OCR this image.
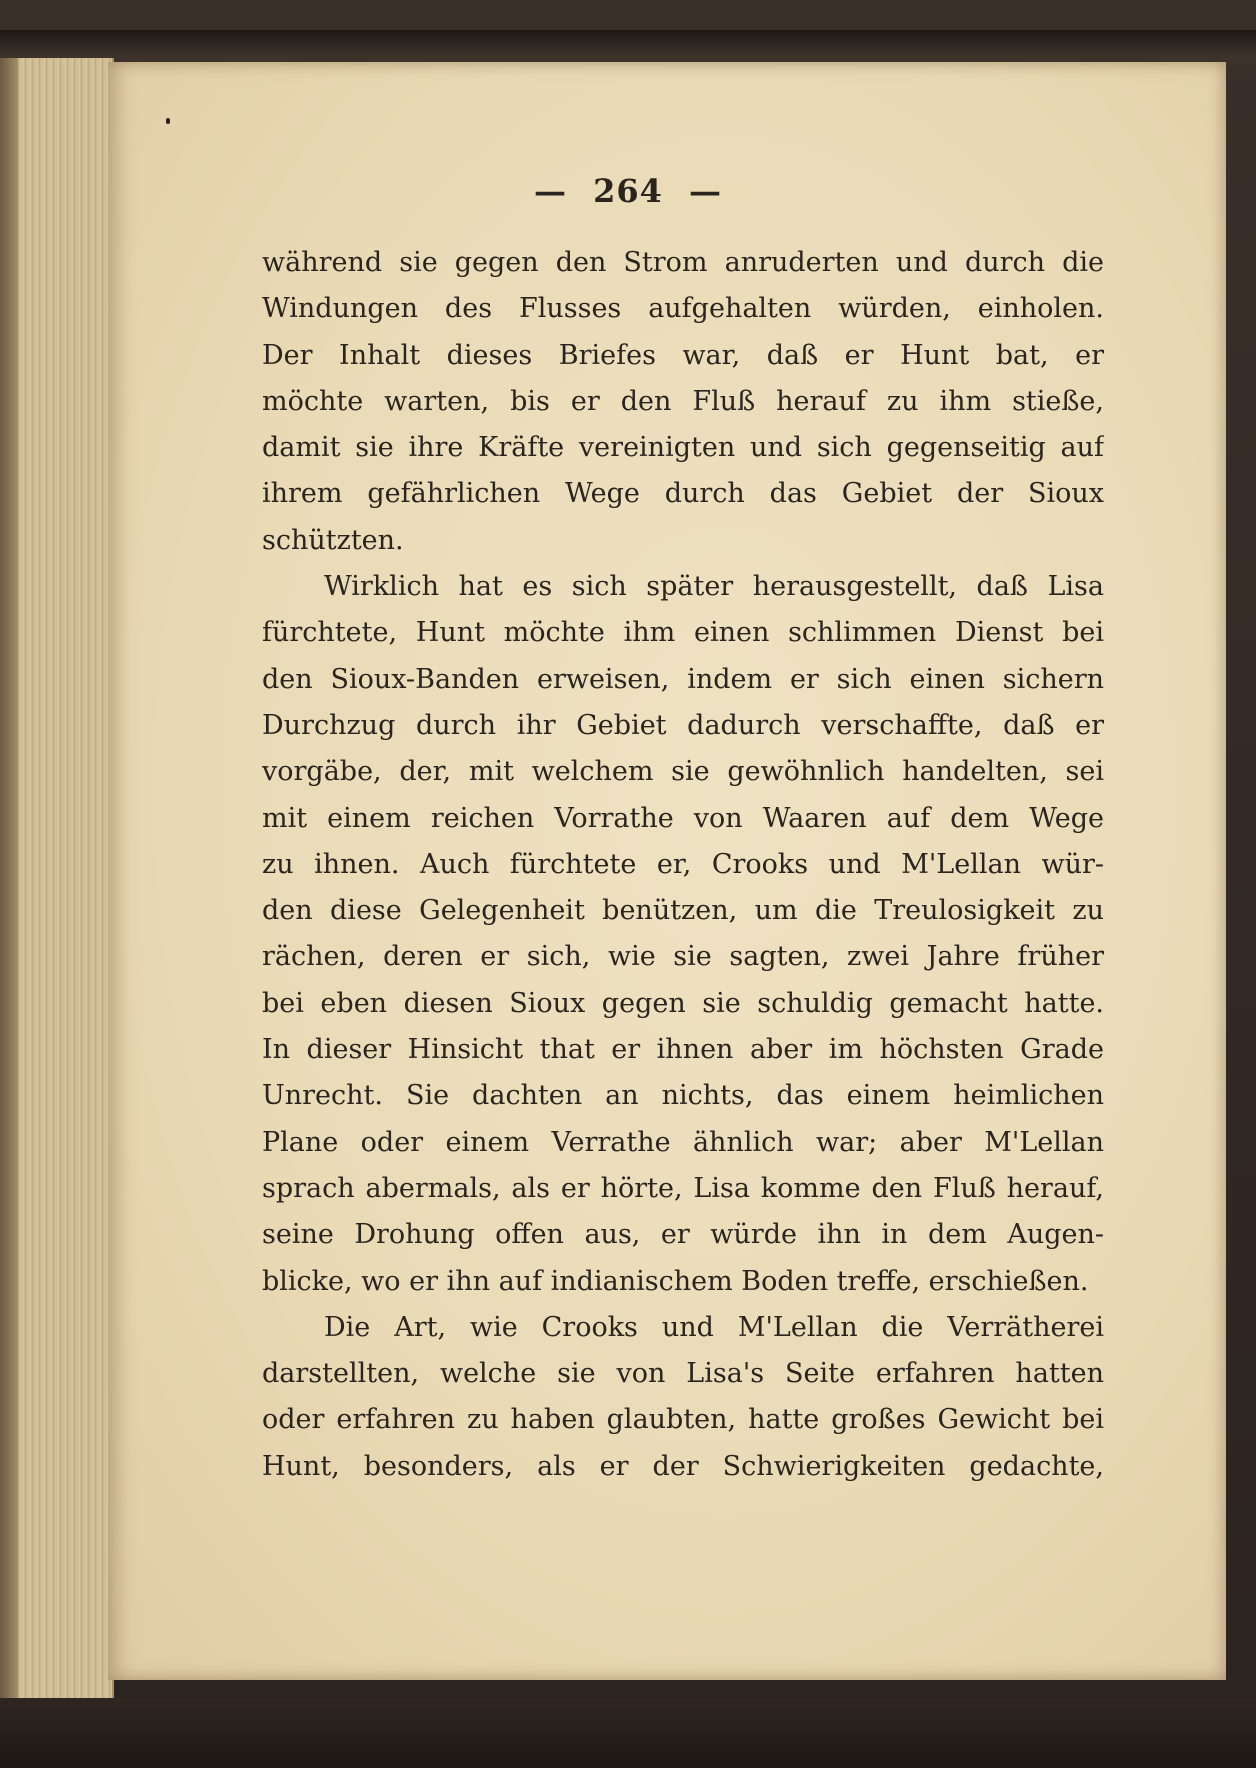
— 264 —
während sie gegen den Strom anruderten und durch die
Windungen des Flusses aufgehalten würden, einholen.
Der Inhalt dieses Briefes war, daß er Hunt bat, er
möchte warten, bis er den Fluß herauf zu ihm stieße,
damit sie ihre Kräfte vereinigten und sich gegenseitig auf
ihrem gefährlichen Wege durch das Gebiet der Sioux
schützten.
Wirklich hat es sich später herausgestellt, daß Lisa
fürchtete, Hunt möchte ihm einen schlimmen Dienst bei
den Sioux-Banden erweisen, indem er sich einen sichern
Durchzug durch ihr Gebiet dadurch verschaffte, daß er
vorgäbe, der, mit welchem sie gewöhnlich handelten, sei
mit einem reichen Vorrathe von Waaren auf dem Wege
zu ihnen. Auch fürchtete er, Crooks und M'Lellan wür-
den diese Gelegenheit benützen, um die Treulosigkeit zu
rächen, deren er sich, wie sie sagten, zwei Jahre früher
bei eben diesen Sioux gegen sie schuldig gemacht hatte.
In dieser Hinsicht that er ihnen aber im höchsten Grade
Unrecht. Sie dachten an nichts, das einem heimlichen
Plane oder einem Verrathe ähnlich war; aber M'Lellan
sprach abermals, als er hörte, Lisa komme den Fluß herauf,
seine Drohung offen aus, er würde ihn in dem Augen-
blicke, wo er ihn auf indianischem Boden treffe, erschießen.
Die Art, wie Crooks und M'Lellan die Verrätherei
darstellten, welche sie von Lisa's Seite erfahren hatten
oder erfahren zu haben glaubten, hatte großes Gewicht bei
Hunt, besonders, als er der Schwierigkeiten gedachte,
